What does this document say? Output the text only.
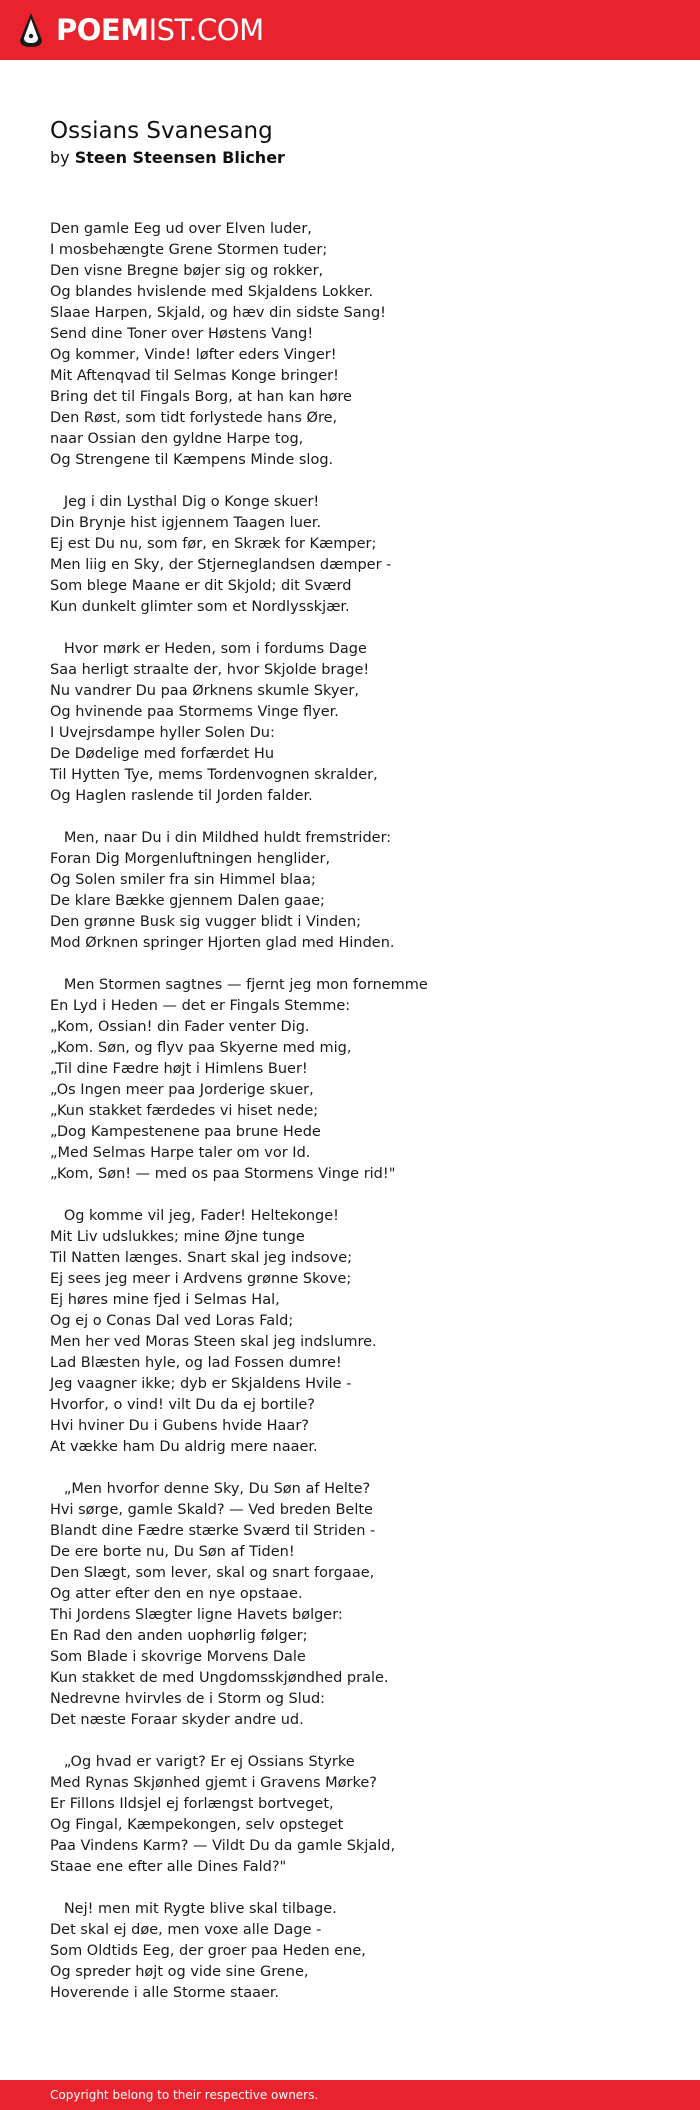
POEMIST.COM
Ossians Svanesang
by Steen Steensen Blicher
Den gamle Eeg ud over Elven luder,
I mosbehængte Grene Stormen tuder;
Den visne Bregne bøjer sig og rokker,
Og blandes hvislende med Skjaldens Lokker.
Slaae Harpen, Skjald, og hæv din sidste Sang!
Send dine Toner over Høstens Vang!
Og kommer, Vinde! løfter eders Vinger!
Mit Aftenqvad til Selmas Konge bringer!
Bring det til Fingals Borg, at han kan høre
Den Røst, som tidt forlystede hans Øre,
naar Ossian den gyldne Harpe tog,
Og Strengene til Kæmpens Minde slog.
Jeg i din Lysthal Dig o Konge skuer!
Din Brynje hist igjennem Taagen luer.
Ej est Du nu, som før, en Skræk for Kæmper;
Men liig en Sky, der Stjerneglandsen dæmper -
Som blege Maane er dit Skjold; dit Sværd
Kun dunkelt glimter som et Nordlysskjær.
Hvor mørk er Heden, som i fordums Dage
Saa herligt straalte der, hvor Skjolde brage!
Nu vandrer Du paa Ørknens skumle Skyer,
Og hvinende paa Stormems Vinge flyer.
I Uvejrsdampe hyller Solen Du:
De Dødelige med forfærdet Hu
Til Hytten Tye, mems Tordenvognen skralder,
Og Haglen raslende til Jorden falder.
Men, naar Du i din Mildhed huldt fremstrider:
Foran Dig Morgenluftningen henglider,
Og Solen smiler fra sin Himmel blaa;
De klare Bække gjennem Dalen gaae;
Den grønne Busk sig vugger blidt i Vinden;
Mod Ørknen springer Hjorten glad med Hinden.
Men Stormen sagtnes — fjernt jeg mon fornemme
En Lyd i Heden — det er Fingals Stemme:
„Kom, Ossian! din Fader venter Dig.
„Kom. Søn, og flyv paa Skyerne med mig,
„Til dine Fædre højt i Himlens Buer!
„Os Ingen meer paa Jorderige skuer,
„Kun stakket færdedes vi hiset nede;
„Dog Kampestenene paa brune Hede
„Med Selmas Harpe taler om vor Id.
„Kom, Søn! — med os paa Stormens Vinge rid!"
Og komme vil jeg, Fader! Heltekonge!
Mit Liv udslukkes; mine Øjne tunge
Til Natten længes. Snart skal jeg indsove;
Ej sees jeg meer i Ardvens grønne Skove;
Ej høres mine fjed i Selmas Hal,
Og ej o Conas Dal ved Loras Fald;
Men her ved Moras Steen skal jeg indslumre.
Lad Blæsten hyle, og lad Fossen dumre!
Jeg vaagner ikke; dyb er Skjaldens Hvile -
Hvorfor, o vind! vilt Du da ej bortile?
Hvi hviner Du i Gubens hvide Haar?
At vække ham Du aldrig mere naaer.
„Men hvorfor denne Sky, Du Søn af Helte?
Hvi sørge, gamle Skald? — Ved breden Belte
Blandt dine Fædre stærke Sværd til Striden -
De ere borte nu, Du Søn af Tiden!
Den Slægt, som lever, skal og snart forgaae,
Og atter efter den en nye opstaae.
Thi Jordens Slægter ligne Havets bølger:
En Rad den anden uophørlig følger;
Som Blade i skovrige Morvens Dale
Kun stakket de med Ungdomsskjøndhed prale.
Nedrevne hvirvles de i Storm og Slud:
Det næste Foraar skyder andre ud.
„Og hvad er varigt? Er ej Ossians Styrke
Med Rynas Skjønhed gjemt i Gravens Mørke?
Er Fillons Ildsjel ej forlængst bortveget,
Og Fingal, Kæmpekongen, selv opsteget
Paa Vindens Karm? — Vildt Du da gamle Skjald,
Staae ene efter alle Dines Fald?"
Nej! men mit Rygte blive skal tilbage.
Det skal ej døe, men voxe alle Dage -
Som Oldtids Eeg, der groer paa Heden ene,
Og spreder højt og vide sine Grene,
Hoverende i alle Storme staaer.
Copyright belong to their respective owners.
